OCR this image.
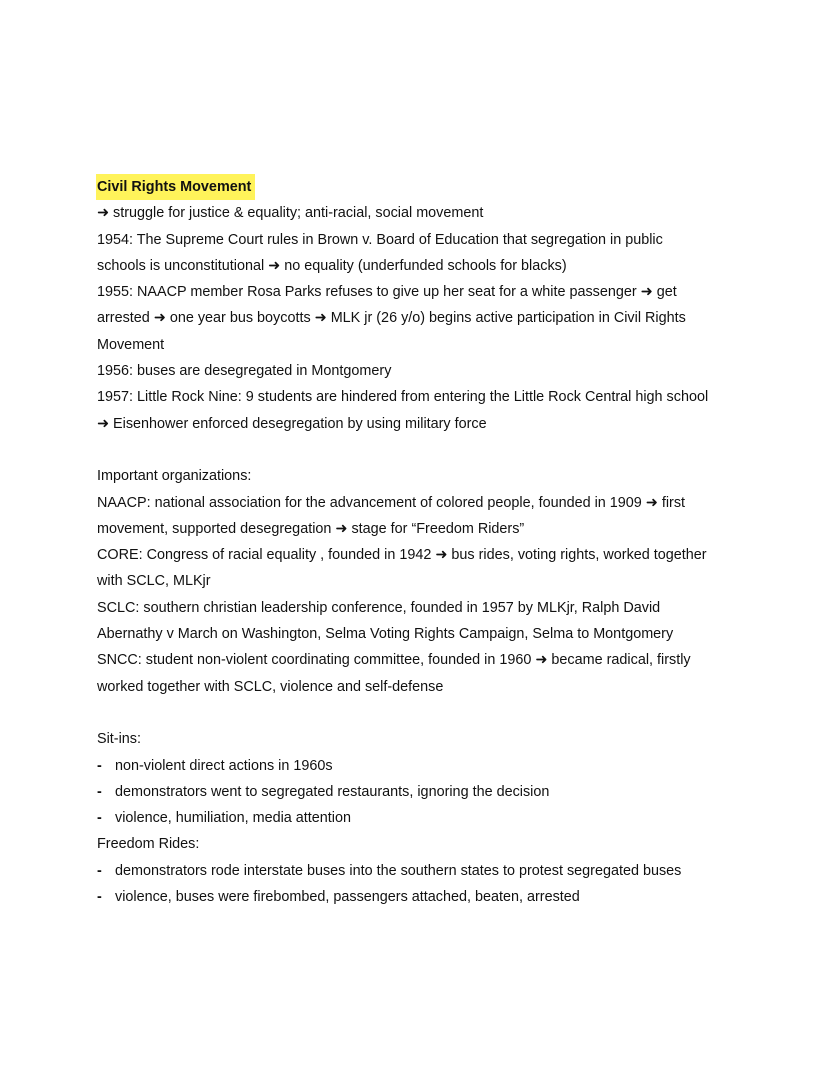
Civil Rights Movement
➜ struggle for justice & equality; anti-racial, social movement
1954: The Supreme Court rules in Brown v. Board of Education that segregation in public
schools is unconstitutional ➜ no equality (underfunded schools for blacks)
1955: NAACP member Rosa Parks refuses to give up her seat for a white passenger ➜ get
arrested ➜ one year bus boycotts ➜ MLK jr (26 y/o) begins active participation in Civil Rights
Movement
1956: buses are desegregated in Montgomery
1957: Little Rock Nine: 9 students are hindered from entering the Little Rock Central high school
➜ Eisenhower enforced desegregation by using military force
Important organizations:
NAACP: national association for the advancement of colored people, founded in 1909 ➜ first
movement, supported desegregation ➜ stage for “Freedom Riders”
CORE: Congress of racial equality , founded in 1942 ➜ bus rides, voting rights, worked together
with SCLC, MLKjr
SCLC: southern christian leadership conference, founded in 1957 by MLKjr, Ralph David
Abernathy v March on Washington, Selma Voting Rights Campaign, Selma to Montgomery
SNCC: student non-violent coordinating committee, founded in 1960 ➜ became radical, firstly
worked together with SCLC, violence and self-defense
Sit-ins:
- non-violent direct actions in 1960s
- demonstrators went to segregated restaurants, ignoring the decision
- violence, humiliation, media attention
Freedom Rides:
- demonstrators rode interstate buses into the southern states to protest segregated buses
- violence, buses were firebombed, passengers attached, beaten, arrested
